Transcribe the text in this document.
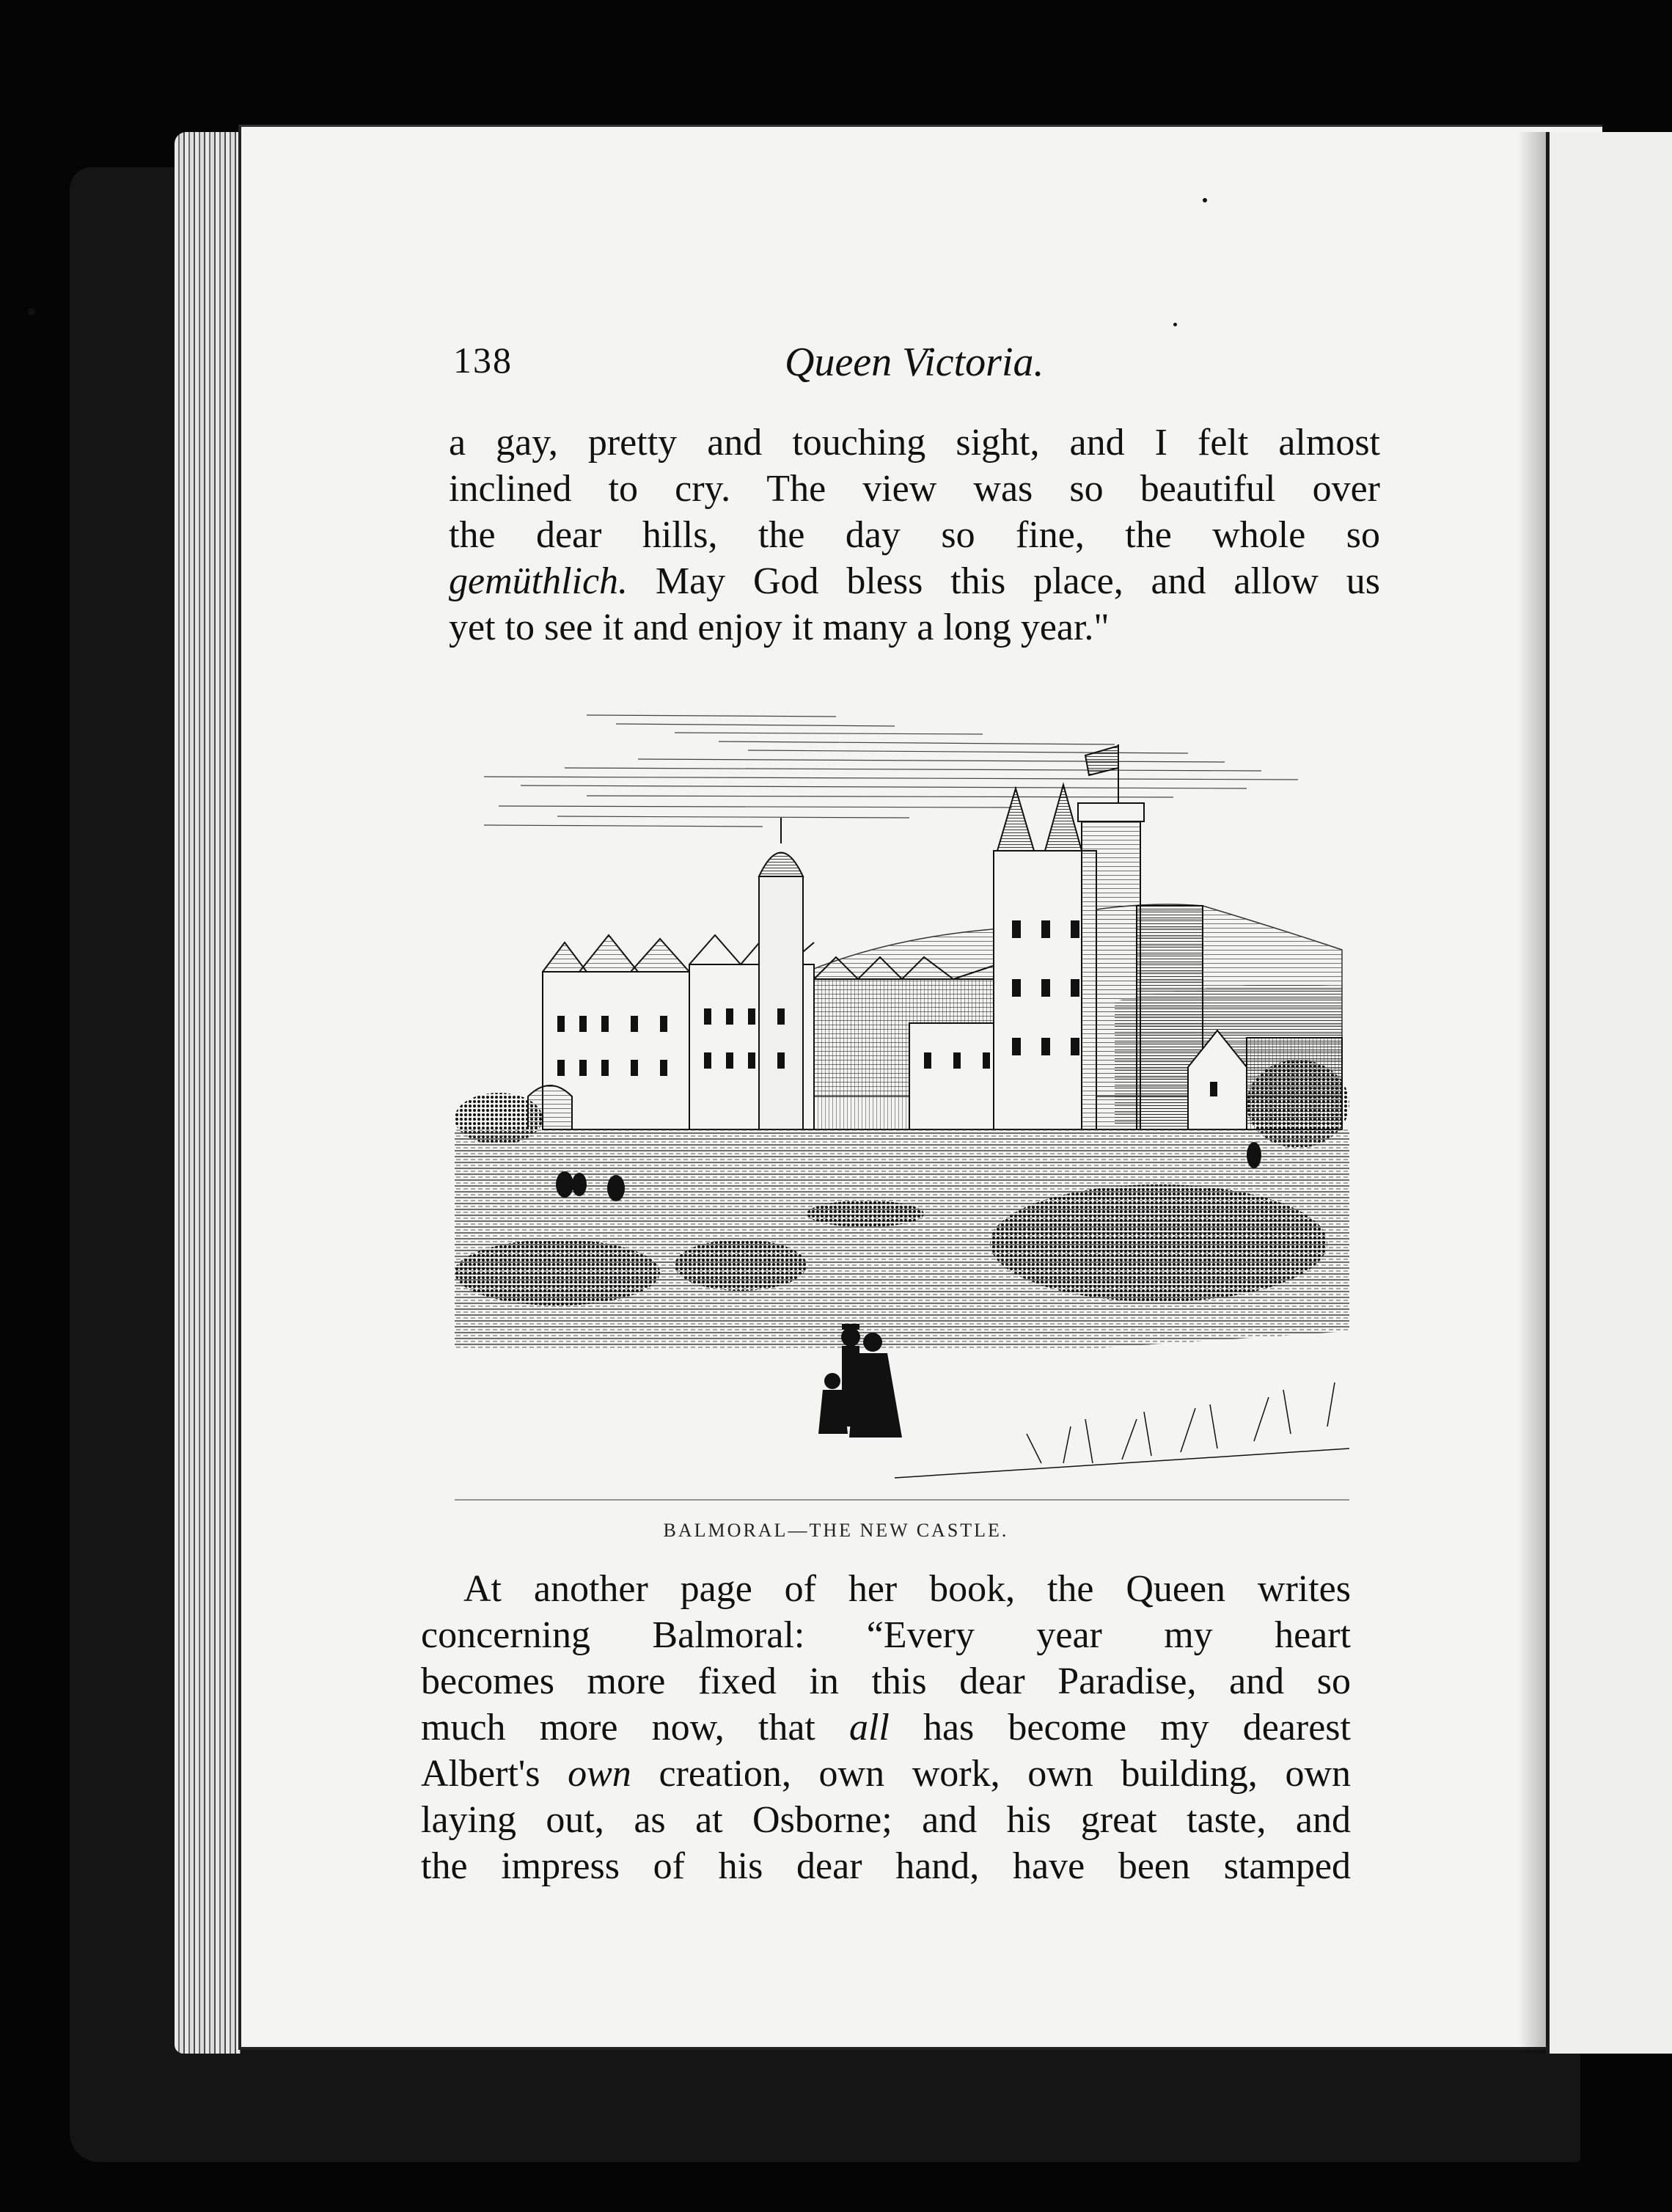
138	Queen Victoria.
a gay, pretty and touching sight, and I felt almost
inclined to cry. The view was so beautiful over
the dear hills, the day so fine, the whole so
gemüthlich. May God bless this place, and allow us
yet to see it and enjoy it many a long year."
BALMORAL—THE NEW CASTLE.
At another page of her book, the Queen writes
concerning Balmoral: “Every year my heart
becomes more fixed in this dear Paradise, and so
much more now, that all has become my dearest
Albert's own creation, own work, own building, own
laying out, as at Osborne; and his great taste, and
the impress of his dear hand, have been stamped
